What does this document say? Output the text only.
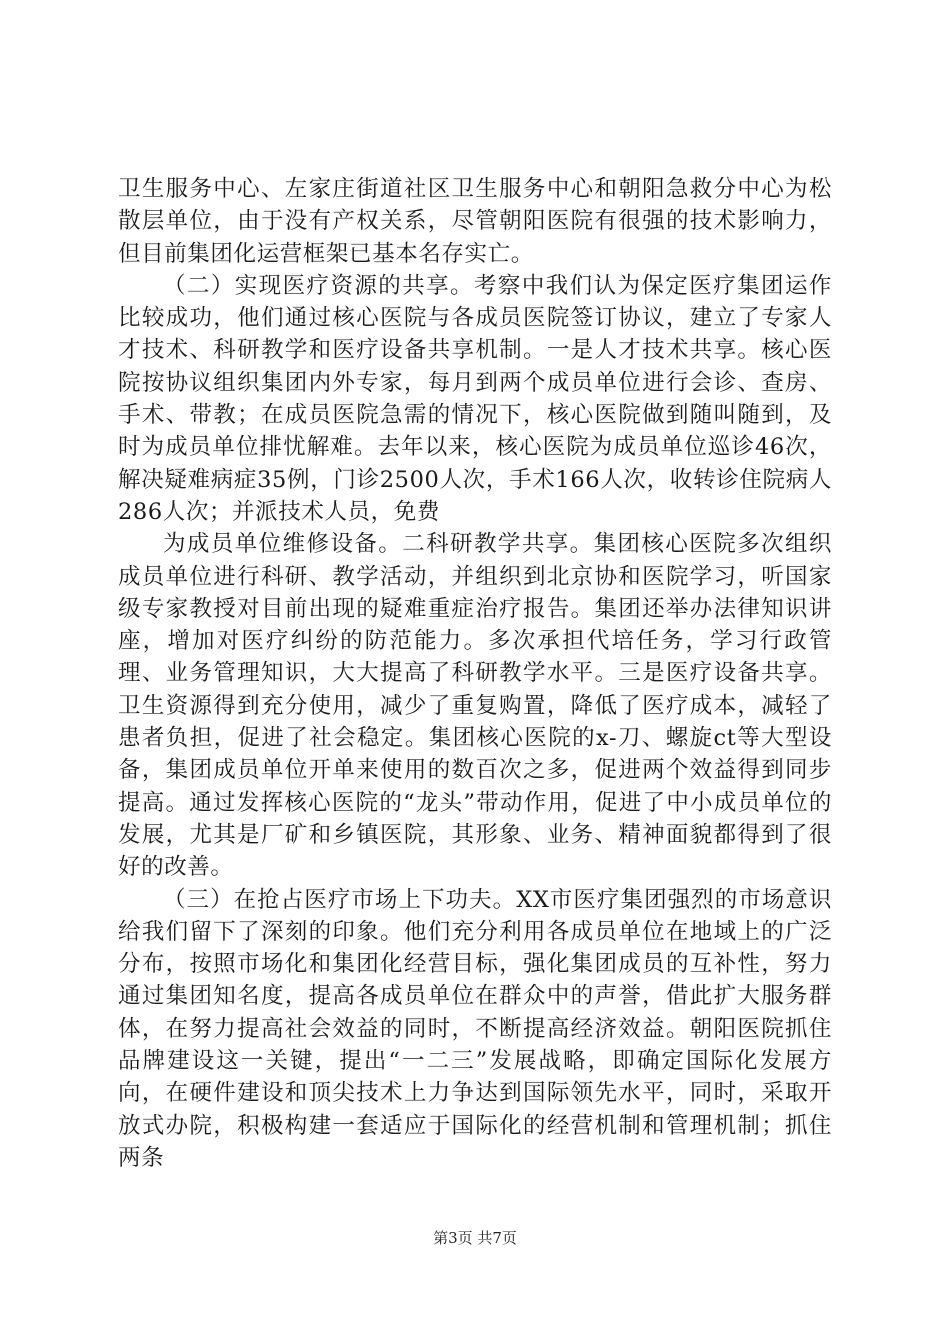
卫生服务中心、左家庄街道社区卫生服务中心和朝阳急救分中心为松散层单位，由于没有产权关系，尽管朝阳医院有很强的技术影响力，但目前集团化运营框架已基本名存实亡。

（二）实现医疗资源的共享。考察中我们认为保定医疗集团运作比较成功，他们通过核心医院与各成员医院签订协议，建立了专家人才技术、科研教学和医疗设备共享机制。一是人才技术共享。核心医院按协议组织集团内外专家，每月到两个成员单位进行会诊、查房、手术、带教；在成员医院急需的情况下，核心医院做到随叫随到，及时为成员单位排忧解难。去年以来，核心医院为成员单位巡诊46次，解决疑难病症35例，门诊2500人次，手术166人次，收转诊住院病人286人次；并派技术人员，免费

为成员单位维修设备。二科研教学共享。集团核心医院多次组织成员单位进行科研、教学活动，并组织到北京协和医院学习，听国家级专家教授对目前出现的疑难重症治疗报告。集团还举办法律知识讲座，增加对医疗纠纷的防范能力。多次承担代培任务，学习行政管理、业务管理知识，大大提高了科研教学水平。三是医疗设备共享。卫生资源得到充分使用，减少了重复购置，降低了医疗成本，减轻了患者负担，促进了社会稳定。集团核心医院的x-刀、螺旋ct等大型设备，集团成员单位开单来使用的数百次之多，促进两个效益得到同步提高。通过发挥核心医院的“龙头”带动作用，促进了中小成员单位的发展，尤其是厂矿和乡镇医院，其形象、业务、精神面貌都得到了很好的改善。

（三）在抢占医疗市场上下功夫。XX市医疗集团强烈的市场意识给我们留下了深刻的印象。他们充分利用各成员单位在地域上的广泛分布，按照市场化和集团化经营目标，强化集团成员的互补性，努力通过集团知名度，提高各成员单位在群众中的声誉，借此扩大服务群体，在努力提高社会效益的同时，不断提高经济效益。朝阳医院抓住品牌建设这一关键，提出“一二三”发展战略，即确定国际化发展方向，在硬件建设和顶尖技术上力争达到国际领先水平，同时，采取开放式办院，积极构建一套适应于国际化的经营机制和管理机制；抓住两条

第3页 共7页
